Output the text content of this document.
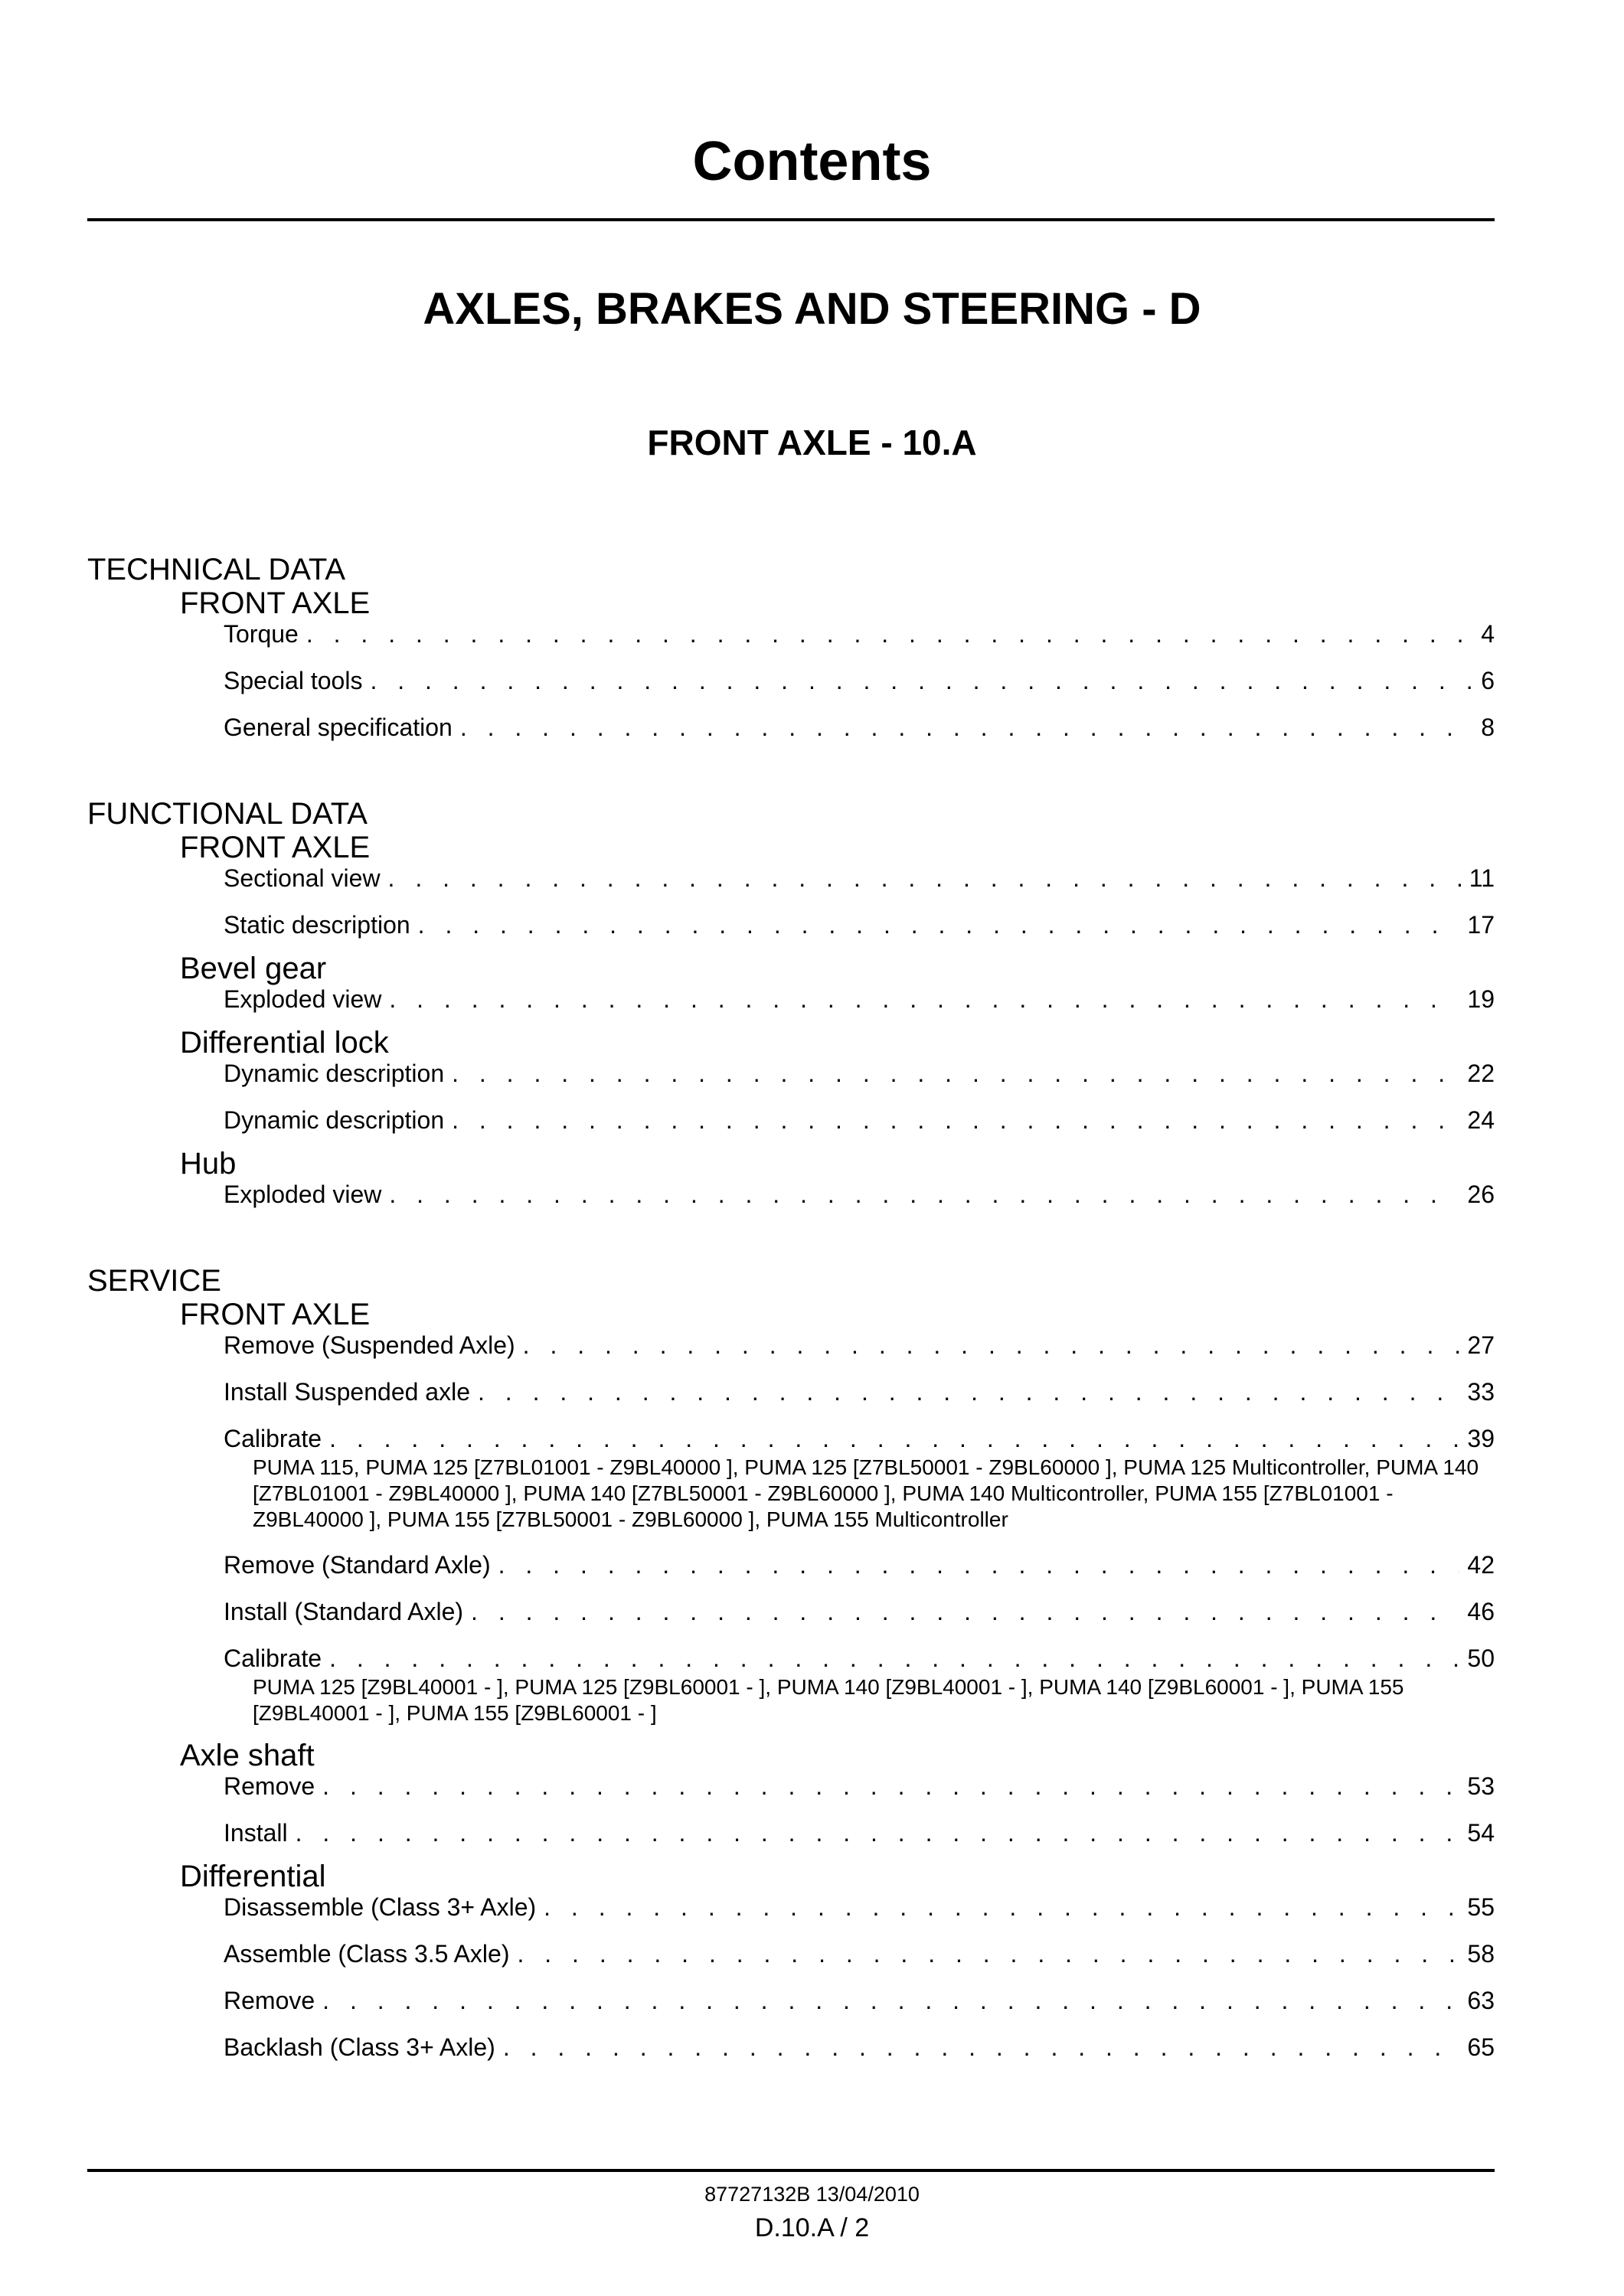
Contents
AXLES, BRAKES AND STEERING - D
FRONT AXLE - 10.A
TECHNICAL DATA
FRONT AXLE
Torque . . .	4
Special tools . . .	6
General specification . . .	8
FUNCTIONAL DATA
FRONT AXLE
Sectional view . . .	11
Static description . . .	17
Bevel gear
Exploded view . . .	19
Differential lock
Dynamic description . . .	22
Dynamic description . . .	24
Hub
Exploded view . . .	26
SERVICE
FRONT AXLE
Remove (Suspended Axle) . . .	27
Install Suspended axle . . .	33
Calibrate . . .	39
PUMA 115, PUMA 125 [Z7BL01001 - Z9BL40000 ], PUMA 125 [Z7BL50001 - Z9BL60000 ], PUMA 125 Multicontroller, PUMA 140 [Z7BL01001 - Z9BL40000 ], PUMA 140 [Z7BL50001 - Z9BL60000 ], PUMA 140 Multicontroller, PUMA 155 [Z7BL01001 - Z9BL40000 ], PUMA 155 [Z7BL50001 - Z9BL60000 ], PUMA 155 Multicontroller
Remove (Standard Axle) . . .	42
Install (Standard Axle) . . .	46
Calibrate . . .	50
PUMA 125 [Z9BL40001 - ], PUMA 125 [Z9BL60001 - ], PUMA 140 [Z9BL40001 - ], PUMA 140 [Z9BL60001 - ], PUMA 155 [Z9BL40001 - ], PUMA 155 [Z9BL60001 - ]
Axle shaft
Remove . . .	53
Install . . .	54
Differential
Disassemble (Class 3+ Axle) . . .	55
Assemble (Class 3.5 Axle) . . .	58
Remove . . .	63
Backlash (Class 3+ Axle) . . .	65
87727132B 13/04/2010
D.10.A / 2
